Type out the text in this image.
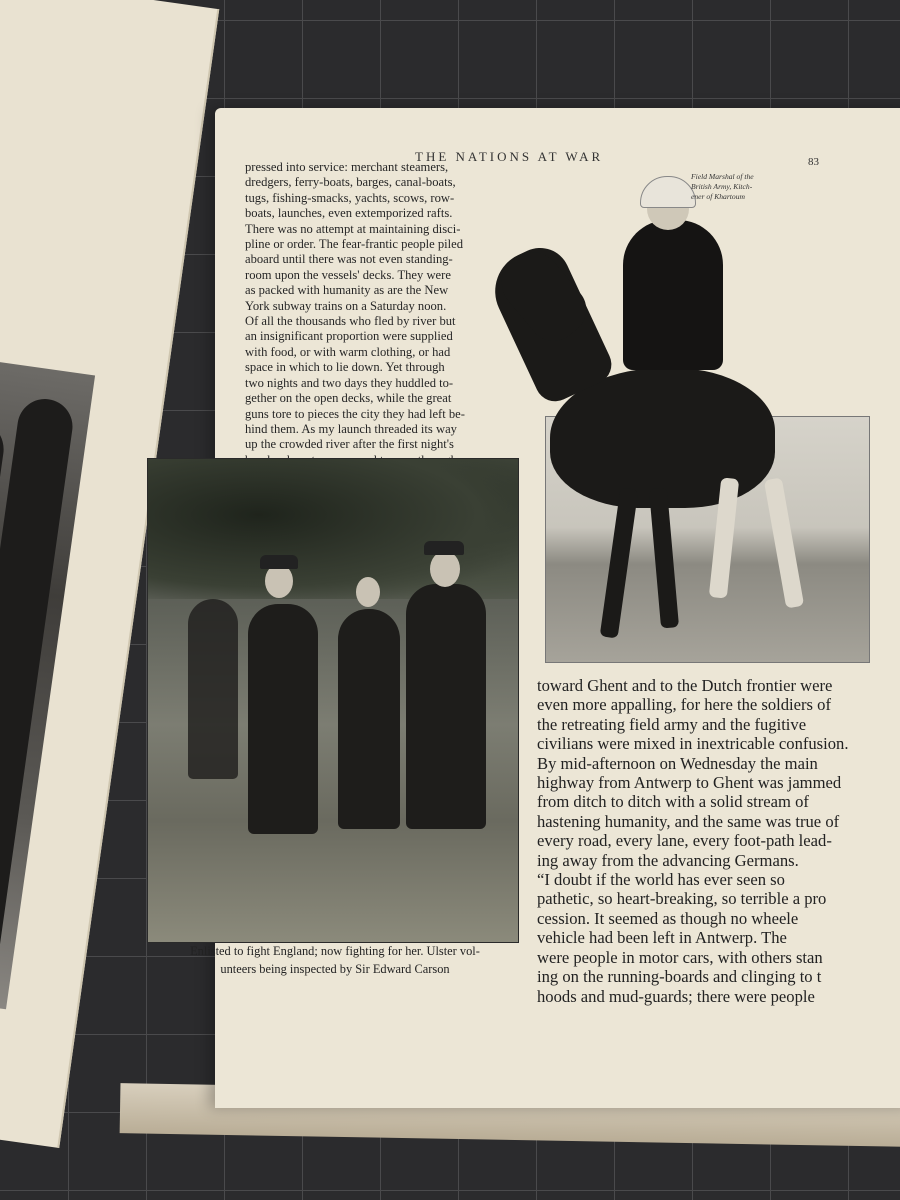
THE NATIONS AT WAR	83

pressed into service: merchant steamers,

dredgers, ferry-boats, barges, canal-boats,

tugs, fishing-smacks, yachts, scows, row-

boats, launches, even extemporized rafts.

There was no attempt at maintaining disci-

pline or order. The fear-frantic people piled

aboard until there was not even standing-

room upon the vessels' decks. They were

as packed with humanity as are the New

York subway trains on a Saturday noon.

Of all the thousands who fled by river but

an insignificant proportion were supplied

with food, or with warm clothing, or had

space in which to lie down. Yet through

two nights and two days they huddled to-

gether on the open decks, while the great

guns tore to pieces the city they had left be-

hind them. As my launch threaded its way

up the crowded river after the first night's

Enlisted to fight England; now fighting for her. Ulster vol-
unteers being inspected by Sir Edward Carson
Field Marshal of the
British Army, Kitch-
ener of Khartoum
toward Ghent and to the Dutch frontier were
even more appalling, for here the soldiers of
the retreating field army and the fugitive
civilians were mixed in inextricable confusion.
By mid-afternoon on Wednesday the main
highway from Antwerp to Ghent was jammed
from ditch to ditch with a solid stream of
hastening humanity, and the same was true of
every road, every lane, every foot-path lead-
ing away from the advancing Germans.
“I doubt if the world has ever seen so
pathetic, so heart-breaking, so terrible a pro
cession. It seemed as though no wheele
vehicle had been left in Antwerp. The
were people in motor cars, with others stan
ing on the running-boards and clinging to t
hoods and mud-guards; there were people
